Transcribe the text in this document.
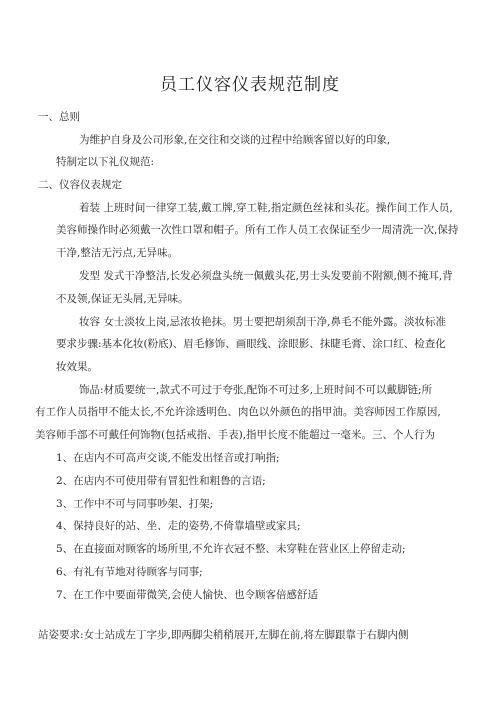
员工仪容仪表规范制度
一、总则
为维护自身及公司形象,在交往和交谈的过程中给顾客留以好的印象,
特制定以下礼仪规范:
二、仪容仪表规定
着装 上班时间一律穿工装,戴工牌,穿工鞋,指定颜色丝袜和头花。操作间工作人员,
美容师操作时必须戴一次性口罩和帽子。所有工作人员工衣保证至少一周清洗一次,保持
干净,整洁无污点,无异味。
发型 发式干净整洁,长发必须盘头统一佩戴头花,男士头发要前不附额,侧不掩耳,背
不及领,保证无头屑,无异味。
妆容 女士淡妆上岗,忌浓妆艳抹。男士要把胡须刮干净,鼻毛不能外露。淡妆标准
要求步骤:基本化妆(粉底)、眉毛修饰、画眼线、涂眼影、抹睫毛膏、涂口红、检查化
妆效果。
饰品:材质要统一,款式不可过于夸张,配饰不可过多,上班时间不可以戴脚链;所
有工作人员指甲不能太长,不允许涂透明色、肉色以外颜色的指甲油。美容师因工作原因,
美容师手部不可戴任何饰物(包括戒指、手表),指甲长度不能超过一毫米。三、个人行为
1、在店内不可高声交谈,不能发出怪音或打响指;
2、在店内不可使用带有冒犯性和粗鲁的言语;
3、工作中不可与同事吵架、打架;
4、保持良好的站、坐、走的姿势,不倚靠墙壁或家具;
5、在直接面对顾客的场所里,不允许衣冠不整、未穿鞋在营业区上停留走动;
6、有礼有节地对待顾客与同事;
7、在工作中要面带微笑,会使人愉快、也令顾客倍感舒适
站姿要求:女士站成左丁字步,即两脚尖稍稍展开,左脚在前,将左脚跟靠于右脚内侧
